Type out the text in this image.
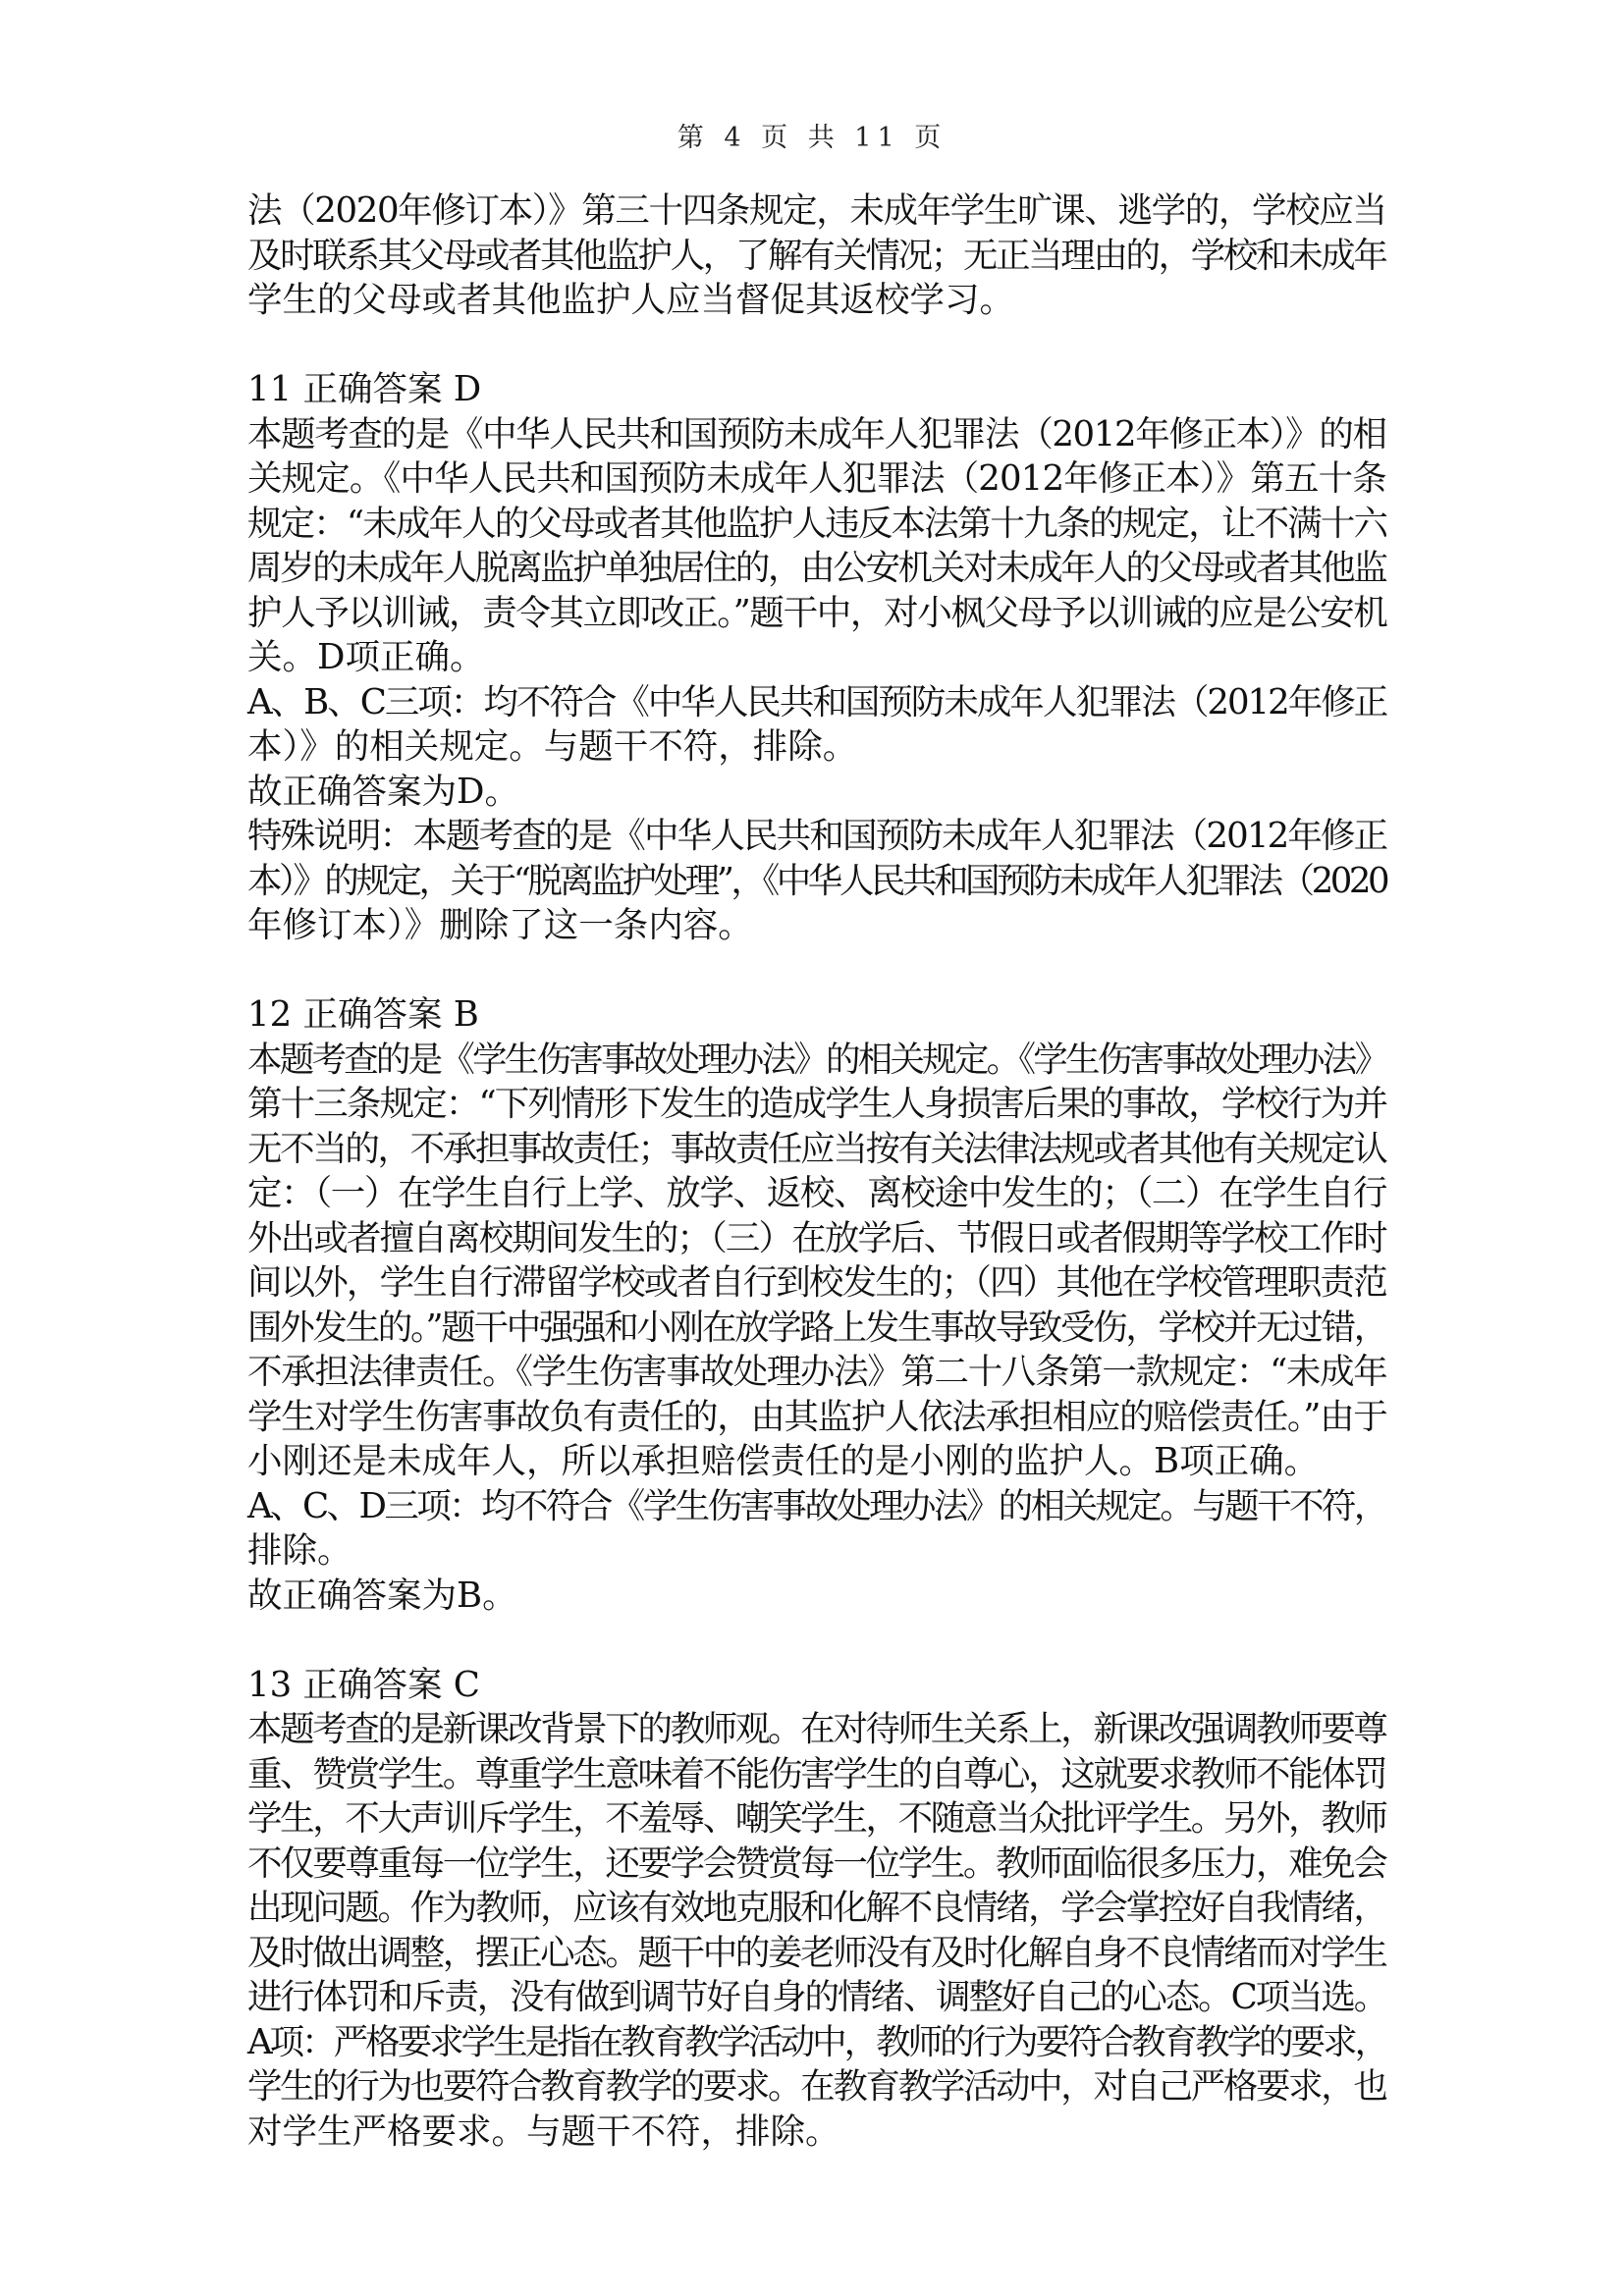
第 4 页 共 11 页
法（2020年修订本）》第三十四条规定，未成年学生旷课、逃学的，学校应当
及时联系其父母或者其他监护人，了解有关情况；无正当理由的，学校和未成年
学生的父母或者其他监护人应当督促其返校学习。
11 正确答案 D
本题考查的是《中华人民共和国预防未成年人犯罪法（2012年修正本）》的相
关规定。《中华人民共和国预防未成年人犯罪法（2012年修正本）》第五十条
规定：“未成年人的父母或者其他监护人违反本法第十九条的规定，让不满十六
周岁的未成年人脱离监护单独居住的，由公安机关对未成年人的父母或者其他监
护人予以训诫，责令其立即改正。”题干中，对小枫父母予以训诫的应是公安机
关。D项正确。
A、B、C三项：均不符合《中华人民共和国预防未成年人犯罪法（2012年修正
本）》的相关规定。与题干不符，排除。
故正确答案为D。
特殊说明：本题考查的是《中华人民共和国预防未成年人犯罪法（2012年修正
本）》的规定，关于“脱离监护处理”，《中华人民共和国预防未成年人犯罪法（2020
年修订本）》删除了这一条内容。
12 正确答案 B
本题考查的是《学生伤害事故处理办法》的相关规定。《学生伤害事故处理办法》
第十三条规定：“下列情形下发生的造成学生人身损害后果的事故，学校行为并
无不当的，不承担事故责任；事故责任应当按有关法律法规或者其他有关规定认
定：（一）在学生自行上学、放学、返校、离校途中发生的；（二）在学生自行
外出或者擅自离校期间发生的；（三）在放学后、节假日或者假期等学校工作时
间以外，学生自行滞留学校或者自行到校发生的；（四）其他在学校管理职责范
围外发生的。”题干中强强和小刚在放学路上发生事故导致受伤，学校并无过错，
不承担法律责任。《学生伤害事故处理办法》第二十八条第一款规定：“未成年
学生对学生伤害事故负有责任的，由其监护人依法承担相应的赔偿责任。”由于
小刚还是未成年人，所以承担赔偿责任的是小刚的监护人。B项正确。
A、C、D三项：均不符合《学生伤害事故处理办法》的相关规定。与题干不符，
排除。
故正确答案为B。
13 正确答案 C
本题考查的是新课改背景下的教师观。在对待师生关系上，新课改强调教师要尊
重、赞赏学生。尊重学生意味着不能伤害学生的自尊心，这就要求教师不能体罚
学生，不大声训斥学生，不羞辱、嘲笑学生，不随意当众批评学生。另外，教师
不仅要尊重每一位学生，还要学会赞赏每一位学生。教师面临很多压力，难免会
出现问题。作为教师，应该有效地克服和化解不良情绪，学会掌控好自我情绪，
及时做出调整，摆正心态。题干中的姜老师没有及时化解自身不良情绪而对学生
进行体罚和斥责，没有做到调节好自身的情绪、调整好自己的心态。C项当选。
A项：严格要求学生是指在教育教学活动中，教师的行为要符合教育教学的要求，
学生的行为也要符合教育教学的要求。在教育教学活动中，对自己严格要求，也
对学生严格要求。与题干不符，排除。
